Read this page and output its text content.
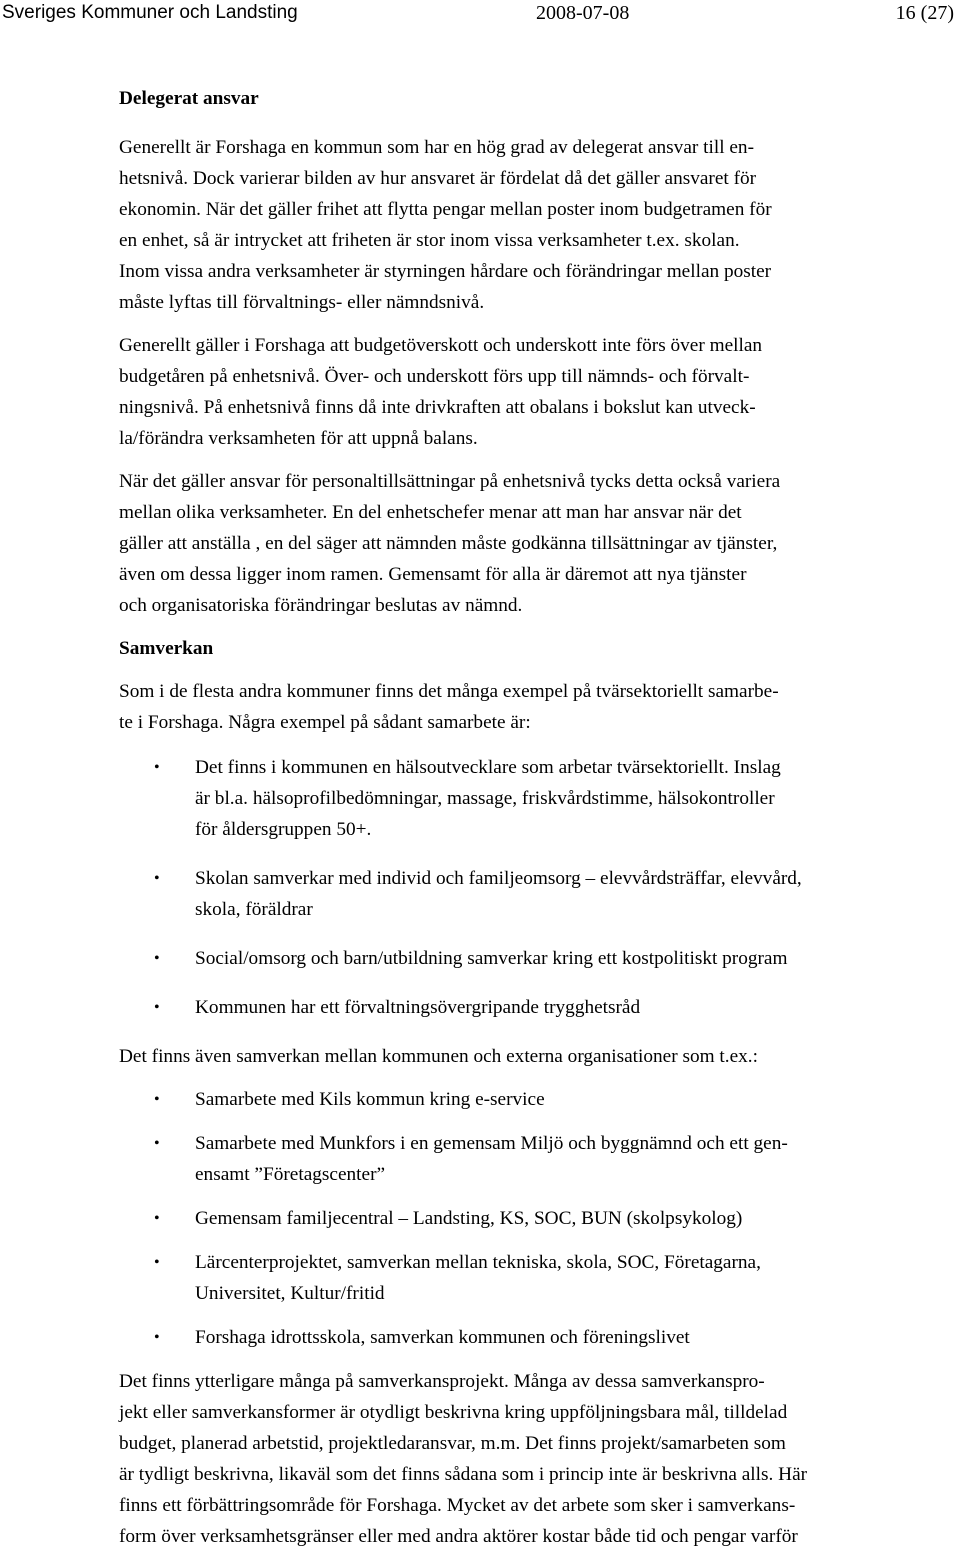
Sveriges Kommuner och Landsting	2008-07-08	16 (27)
Delegerat ansvar
Generellt är Forshaga en kommun som har en hög grad av delegerat ansvar till en-
hetsnivå. Dock varierar bilden av hur ansvaret är fördelat då det gäller ansvaret för
ekonomin. När det gäller frihet att flytta pengar mellan poster inom budgetramen för
en enhet, så är intrycket att friheten är stor inom vissa verksamheter t.ex. skolan.
Inom vissa andra verksamheter är styrningen hårdare och förändringar mellan poster
måste lyftas till förvaltnings- eller nämndsnivå.
Generellt gäller i Forshaga att budgetöverskott och underskott inte förs över mellan
budgetåren på enhetsnivå. Över- och underskott förs upp till nämnds- och förvalt-
ningsnivå. På enhetsnivå finns då inte drivkraften att obalans i bokslut kan utveck-
la/förändra verksamheten för att uppnå balans.
När det gäller ansvar för personaltillsättningar på enhetsnivå tycks detta också variera
mellan olika verksamheter. En del enhetschefer menar att man har ansvar när det
gäller att anställa , en del säger att nämnden måste godkänna tillsättningar av tjänster,
även om dessa ligger inom ramen. Gemensamt för alla är däremot att nya tjänster
och organisatoriska förändringar beslutas av nämnd.
Samverkan
Som i de flesta andra kommuner finns det många exempel på tvärsektoriellt samarbe-
te i Forshaga. Några exempel på sådant samarbete är:
• Det finns i kommunen en hälsoutvecklare som arbetar tvärsektoriellt. Inslag
är bl.a. hälsoprofilbedömningar, massage, friskvårdstimme, hälsokontroller
för åldersgruppen 50+.
• Skolan samverkar med individ och familjeomsorg – elevvårdsträffar, elevvård,
skola, föräldrar
• Social/omsorg och barn/utbildning samverkar kring ett kostpolitiskt program
• Kommunen har ett förvaltningsövergripande trygghetsråd
Det finns även samverkan mellan kommunen och externa organisationer som t.ex.:
• Samarbete med Kils kommun kring e-service
• Samarbete med Munkfors i en gemensam Miljö och byggnämnd och ett gen-
ensamt ”Företagscenter”
• Gemensam familjecentral – Landsting, KS, SOC, BUN (skolpsykolog)
• Lärcenterprojektet, samverkan mellan tekniska, skola, SOC, Företagarna,
Universitet, Kultur/fritid
• Forshaga idrottsskola, samverkan kommunen och föreningslivet
Det finns ytterligare många på samverkansprojekt. Många av dessa samverkanspro-
jekt eller samverkansformer är otydligt beskrivna kring uppföljningsbara mål, tilldelad
budget, planerad arbetstid, projektledaransvar, m.m. Det finns projekt/samarbeten som
är tydligt beskrivna, likaväl som det finns sådana som i princip inte är beskrivna alls. Här
finns ett förbättringsområde för Forshaga. Mycket av det arbete som sker i samverkans-
form över verksamhetsgränser eller med andra aktörer kostar både tid och pengar varför
